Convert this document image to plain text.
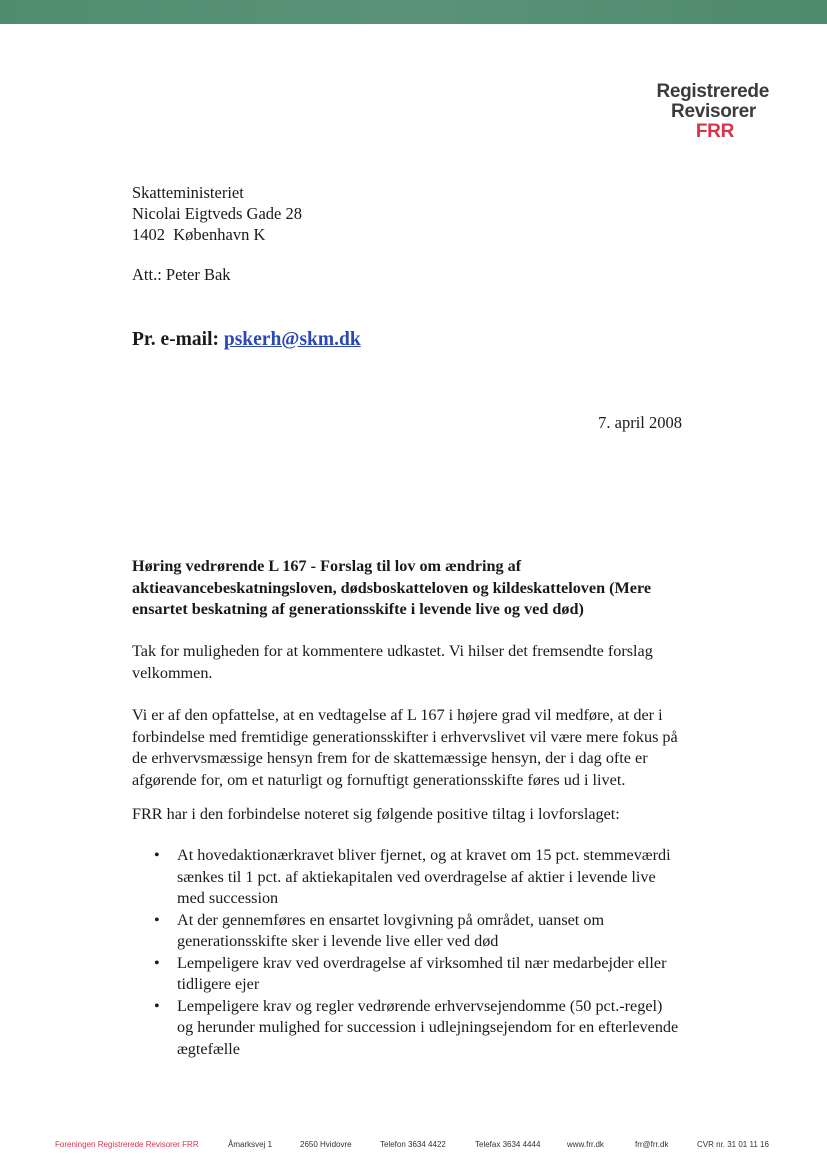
Registrerede
Revisorer
FRR
Skatteministeriet
Nicolai Eigtveds Gade 28
1402  København K
Att.: Peter Bak
Pr. e-mail: pskerh@skm.dk
7. april 2008
Høring vedrørende L 167 - Forslag til lov om ændring af aktieavancebeskatningsloven, dødsboskatteloven og kildeskatteloven (Mere ensartet beskatning af generationsskifte i levende live og ved død)
Tak for muligheden for at kommentere udkastet. Vi hilser det fremsendte forslag velkommen.
Vi er af den opfattelse, at en vedtagelse af L 167 i højere grad vil medføre, at der i forbindelse med fremtidige generationsskifter i erhvervslivet vil være mere fokus på de erhvervsmæssige hensyn frem for de skattemæssige hensyn, der i dag ofte er afgørende for, om et naturligt og fornuftigt generationsskifte føres ud i livet.
FRR har i den forbindelse noteret sig følgende positive tiltag i lovforslaget:
• At hovedaktionærkravet bliver fjernet, og at kravet om 15 pct. stemmeværdi sænkes til 1 pct. af aktiekapitalen ved overdragelse af aktier i levende live med succession
• At der gennemføres en ensartet lovgivning på området, uanset om generationsskifte sker i levende live eller ved død
• Lempeligere krav ved overdragelse af virksomhed til nær medarbejder eller tidligere ejer
• Lempeligere krav og regler vedrørende erhvervsejendomme (50 pct.-regel) og herunder mulighed for succession i udlejningsejendom for en efterlevende ægtefælle
Foreningen Registrerede Revisorer FRR	Åmarksvej 1	2650 Hvidovre	Telefon 3634 4422	Telefax 3634 4444	www.frr.dk	frr@frr.dk	CVR nr. 31 01 11 16
